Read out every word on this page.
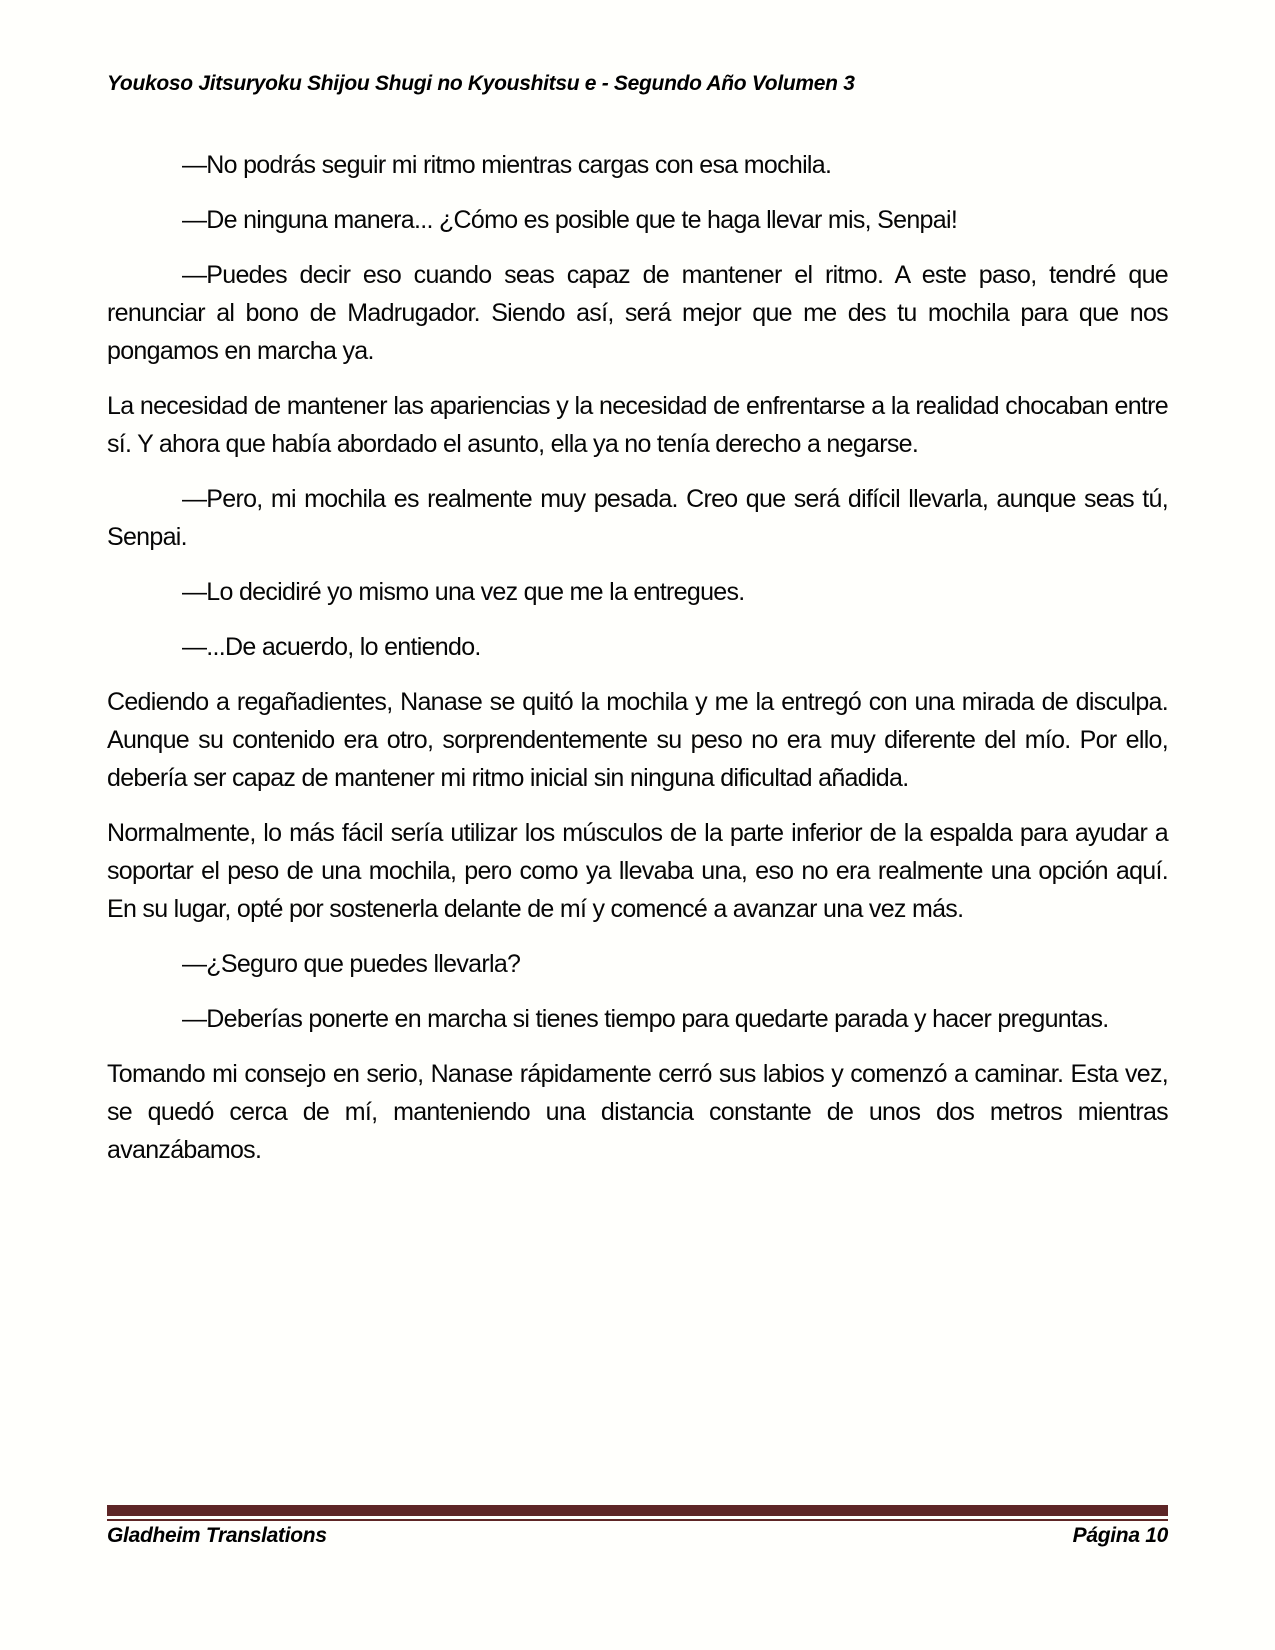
Youkoso Jitsuryoku Shijou Shugi no Kyoushitsu e - Segundo Año Volumen 3

—No podrás seguir mi ritmo mientras cargas con esa mochila.

—De ninguna manera... ¿Cómo es posible que te haga llevar mis, Senpai!

—Puedes decir eso cuando seas capaz de mantener el ritmo. A este paso, tendré que renunciar al bono de Madrugador. Siendo así, será mejor que me des tu mochila para que nos pongamos en marcha ya.

La necesidad de mantener las apariencias y la necesidad de enfrentarse a la realidad chocaban entre sí. Y ahora que había abordado el asunto, ella ya no tenía derecho a negarse.

—Pero, mi mochila es realmente muy pesada. Creo que será difícil llevarla, aunque seas tú, Senpai.

—Lo decidiré yo mismo una vez que me la entregues.

—...De acuerdo, lo entiendo.

Cediendo a regañadientes, Nanase se quitó la mochila y me la entregó con una mirada de disculpa. Aunque su contenido era otro, sorprendentemente su peso no era muy diferente del mío. Por ello, debería ser capaz de mantener mi ritmo inicial sin ninguna dificultad añadida.

Normalmente, lo más fácil sería utilizar los músculos de la parte inferior de la espalda para ayudar a soportar el peso de una mochila, pero como ya llevaba una, eso no era realmente una opción aquí. En su lugar, opté por sostenerla delante de mí y comencé a avanzar una vez más.

—¿Seguro que puedes llevarla?

—Deberías ponerte en marcha si tienes tiempo para quedarte parada y hacer preguntas.

Tomando mi consejo en serio, Nanase rápidamente cerró sus labios y comenzó a caminar. Esta vez, se quedó cerca de mí, manteniendo una distancia constante de unos dos metros mientras avanzábamos.

Gladheim Translations	Página 10
